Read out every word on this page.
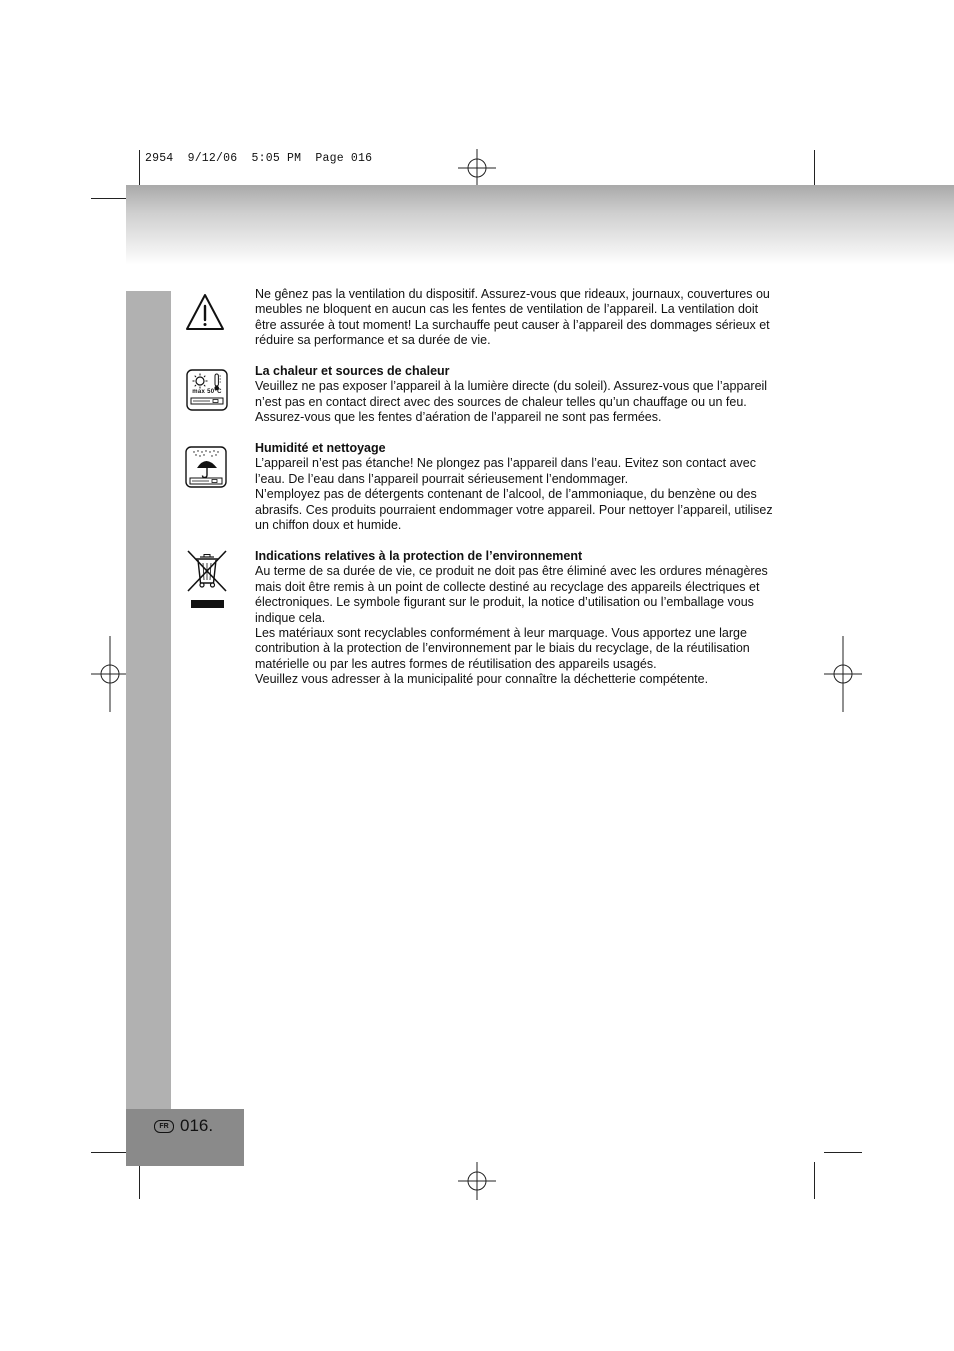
2954  9/12/06  5:05 PM  Page 016
FR 016.
max 50°C

Ne gênez pas la ventilation du dispositif. Assurez-vous que rideaux, journaux, couvertures ou meubles ne bloquent en aucun cas les fentes de ventilation de l’appareil. La ventilation doit être assurée à tout moment! La surchauffe peut causer à l’appareil des dommages sérieux et réduire sa performance et sa durée de vie.

La chaleur et sources de chaleur

Veuillez ne pas exposer l’appareil à la lumière directe (du soleil). Assurez-vous que l’appareil n’est pas en contact direct avec des sources de chaleur telles qu’un chauffage ou un feu. Assurez-vous que les fentes d’aération de l’appareil ne sont pas fermées.

Humidité et nettoyage

L’appareil n’est pas étanche! Ne plongez pas l’appareil dans l’eau. Evitez son contact avec l’eau. De l’eau dans l’appareil pourrait sérieusement l’endommager.

N’employez pas de détergents contenant de l’alcool, de l’ammoniaque, du benzène ou des abrasifs. Ces produits pourraient endommager votre appareil. Pour nettoyer l’appareil, utilisez un chiffon doux et humide.

Indications relatives à la protection de l’environnement

Au terme de sa durée de vie, ce produit ne doit pas être éliminé avec les ordures ménagères mais doit être remis à un point de collecte destiné au recyclage des appareils électriques et électroniques. Le symbole figurant sur le produit, la notice d’utilisation ou l’emballage vous indique cela.

Les matériaux sont recyclables conformément à leur marquage. Vous apportez une large contribution à la protection de l’environnement par le biais du recyclage, de la réutilisation matérielle ou par les autres formes de réutilisation des appareils usagés.

Veuillez vous adresser à la municipalité pour connaître la déchetterie compétente.
